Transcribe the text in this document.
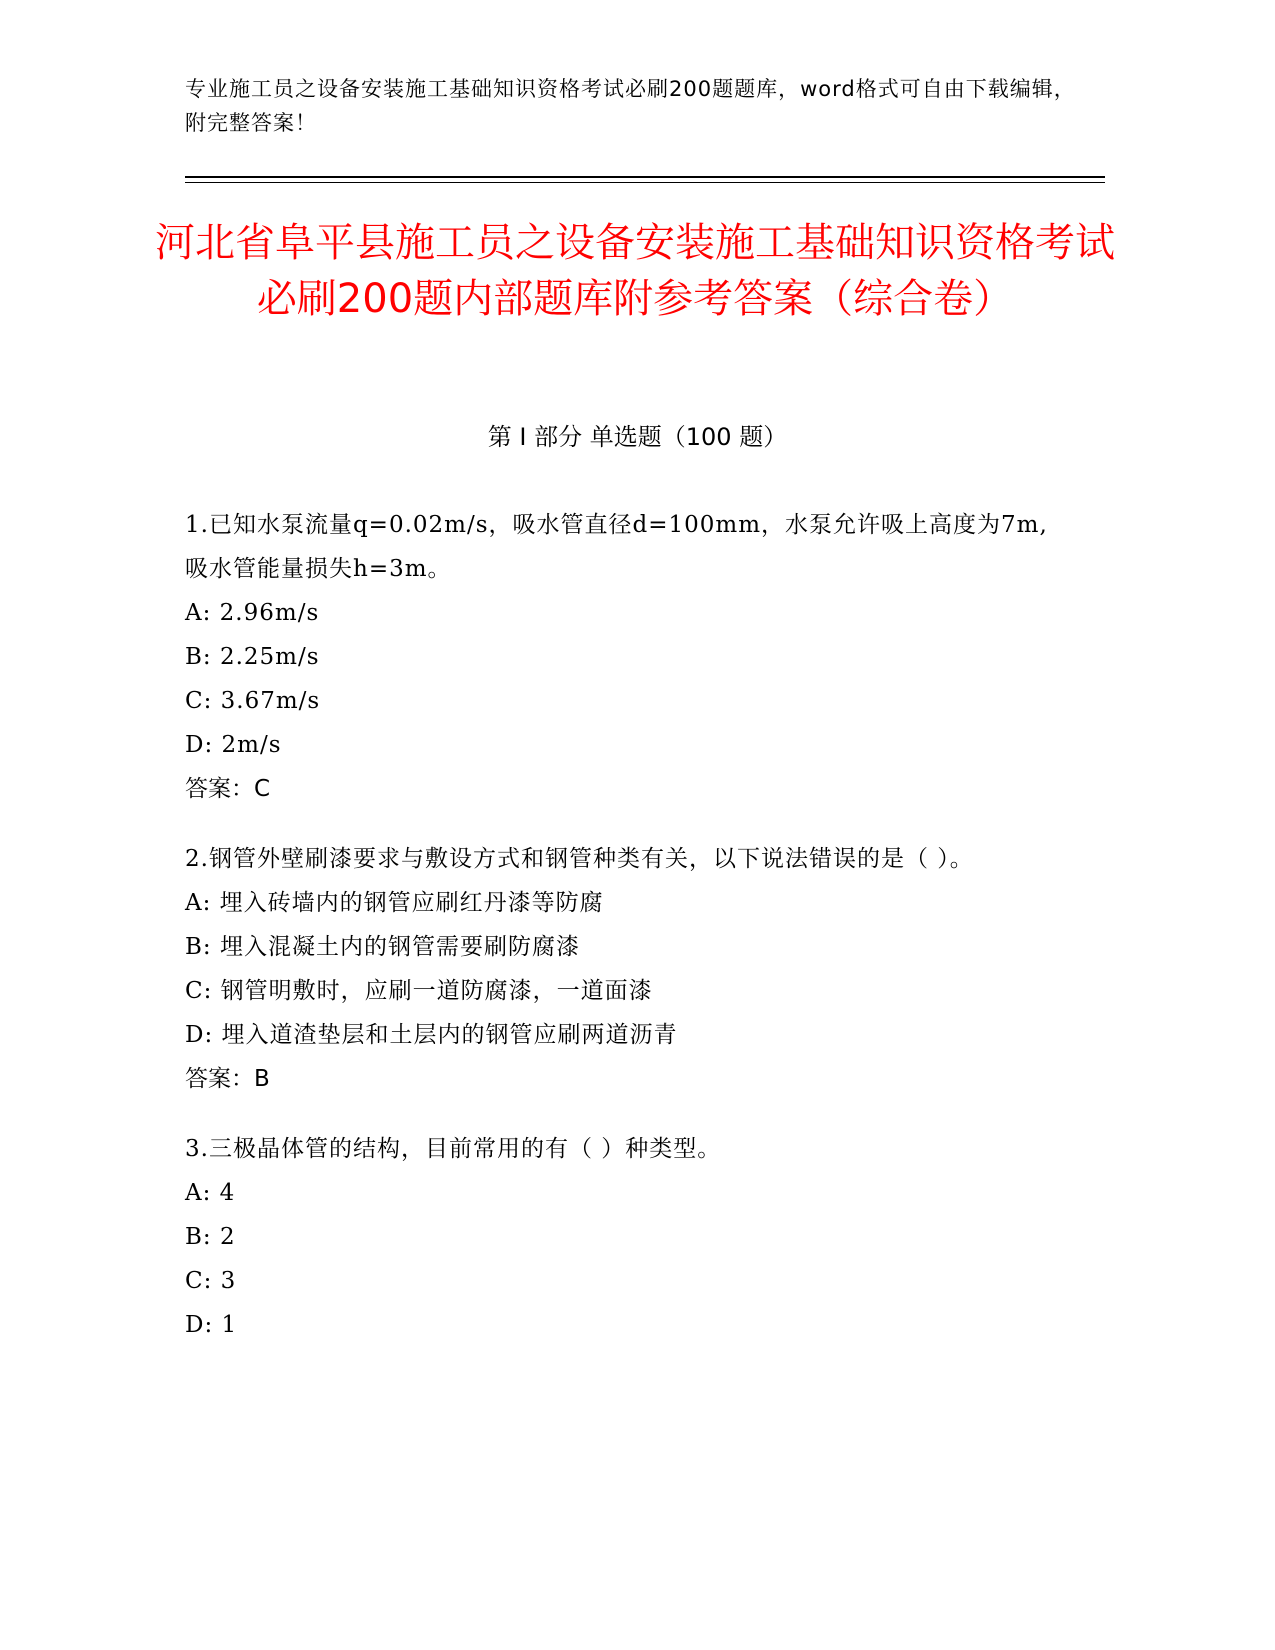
专业施工员之设备安装施工基础知识资格考试必刷200题题库，word格式可自由下载编辑，附完整答案！
河北省阜平县施工员之设备安装施工基础知识资格考试必刷200题内部题库附参考答案（综合卷）
第 I 部分 单选题（100 题）
1.已知水泵流量q=0.02m/s，吸水管直径d=100mm，水泵允许吸上高度为7m,吸水管能量损失h=3m。
A: 2.96m/s
B: 2.25m/s
C: 3.67m/s
D: 2m/s
答案：C
2.钢管外壁刷漆要求与敷设方式和钢管种类有关，以下说法错误的是（ ）。
A: 埋入砖墙内的钢管应刷红丹漆等防腐
B: 埋入混凝土内的钢管需要刷防腐漆
C: 钢管明敷时，应刷一道防腐漆，一道面漆
D: 埋入道渣垫层和土层内的钢管应刷两道沥青
答案：B
3.三极晶体管的结构，目前常用的有（ ）种类型。
A: 4
B: 2
C: 3
D: 1
